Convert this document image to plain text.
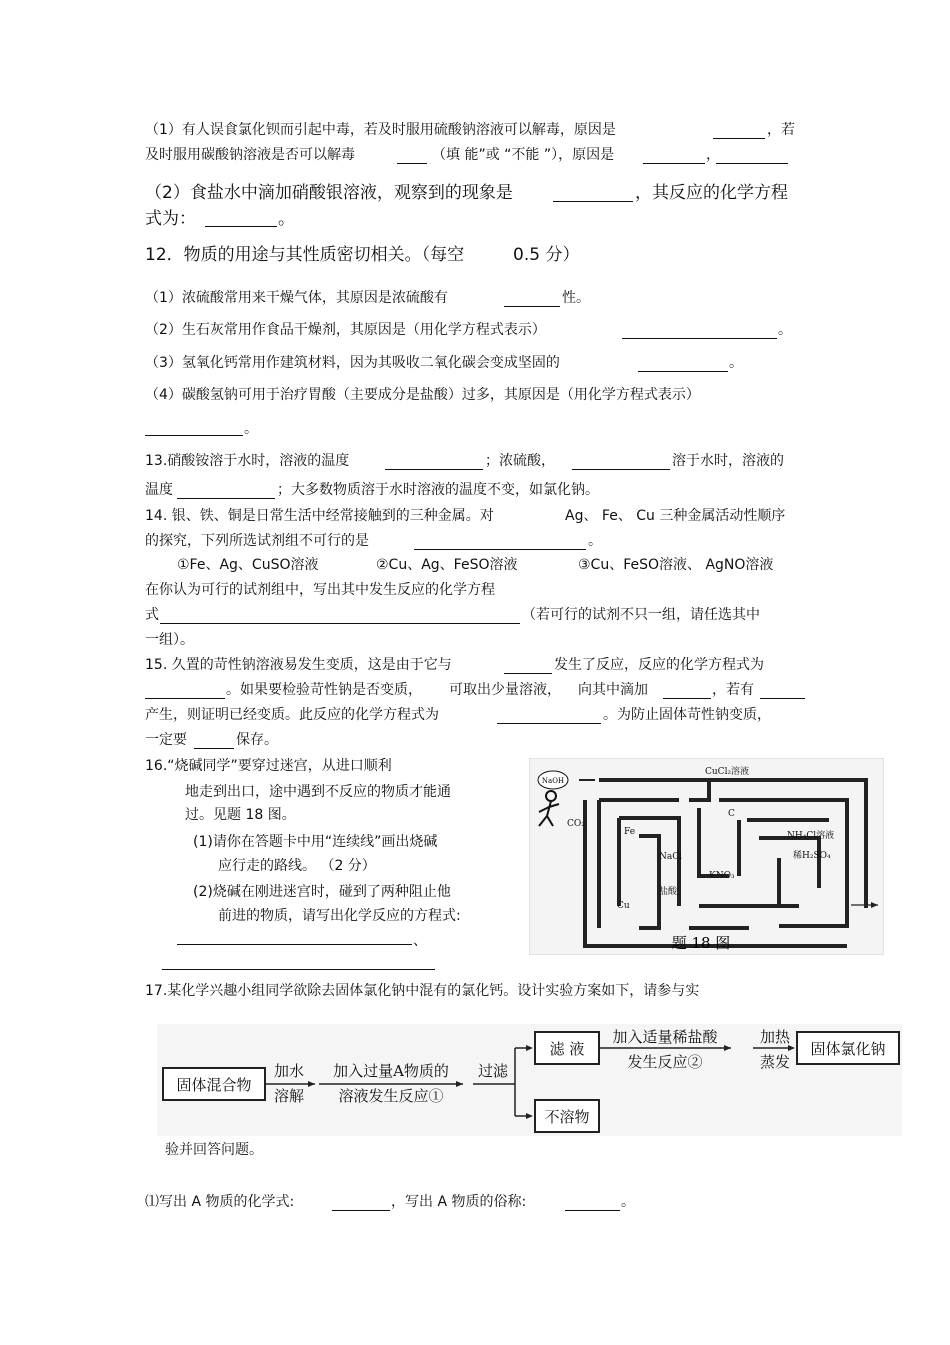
（1）有人误食氯化钡而引起中毒，若及时服用硫酸钠溶液可以解毒，原因是	，若
及时服用碳酸钠溶液是否可以解毒	（填 能”或 “不能 ”），原因是	，
（2）食盐水中滴加硝酸银溶液，观察到的现象是	，其反应的化学方程
式为：	。
12．物质的用途与其性质密切相关。（每空	0.5 分）
（1）浓硫酸常用来干燥气体，其原因是浓硫酸有	性。
（2）生石灰常用作食品干燥剂，其原因是（用化学方程式表示）	。
（3）氢氧化钙常用作建筑材料，因为其吸收二氧化碳会变成坚固的	。
（4）碳酸氢钠可用于治疗胃酸（主要成分是盐酸）过多，其原因是（用化学方程式表示）
。
13.硝酸铵溶于水时，溶液的温度	；浓硫酸，	溶于水时，溶液的
温度	；大多数物质溶于水时溶液的温度不变，如氯化钠。
14. 银、铁、铜是日常生活中经常接触到的三种金属。对	Ag、 Fe、 Cu 三种金属活动性顺序
的探究，下列所选试剂组不可行的是	。
①Fe、Ag、CuSO溶液	②Cu、Ag、FeSO溶液	③Cu、FeSO溶液、 AgNO溶液
在你认为可行的试剂组中，写出其中发生反应的化学方程
式	（若可行的试剂不只一组，请任选其中
一组）。
15. 久置的苛性钠溶液易发生变质，这是由于它与	发生了反应，反应的化学方程式为
。如果要检验苛性钠是否变质， 可取出少量溶液， 向其中滴加	，若有
产生，则证明已经变质。此反应的化学方程式为	。为防止固体苛性钠变质，
一定要	保存。
16.“烧碱同学”要穿过迷宫，从进口顺利
地走到出口，途中遇到不反应的物质才能通
过。见题 18 图。
(1)请你在答题卡中用“连续线”画出烧碱
应行走的路线。 （2 分）
(2)烧碱在刚进迷宫时，碰到了两种阻止他
前进的物质，请写出化学反应的方程式:
、
NaOH
CuCl₂溶液
C
NH₄Cl溶液
CO₂
Fe
NaCl	稀H₂SO₄
KNO₃
盐酸
Cu
题 18 图
17.某化学兴趣小组同学欲除去固体氯化钠中混有的氯化钙。设计实验方案如下，请参与实
固体混合物
加水
溶解
加入过量A物质的
溶液发生反应①
过滤
滤 液
不溶物
加入适量稀盐酸
发生反应②
加热
蒸发
固体氯化钠
验并回答问题。
⑴写出 A 物质的化学式:	，写出 A 物质的俗称:	。
